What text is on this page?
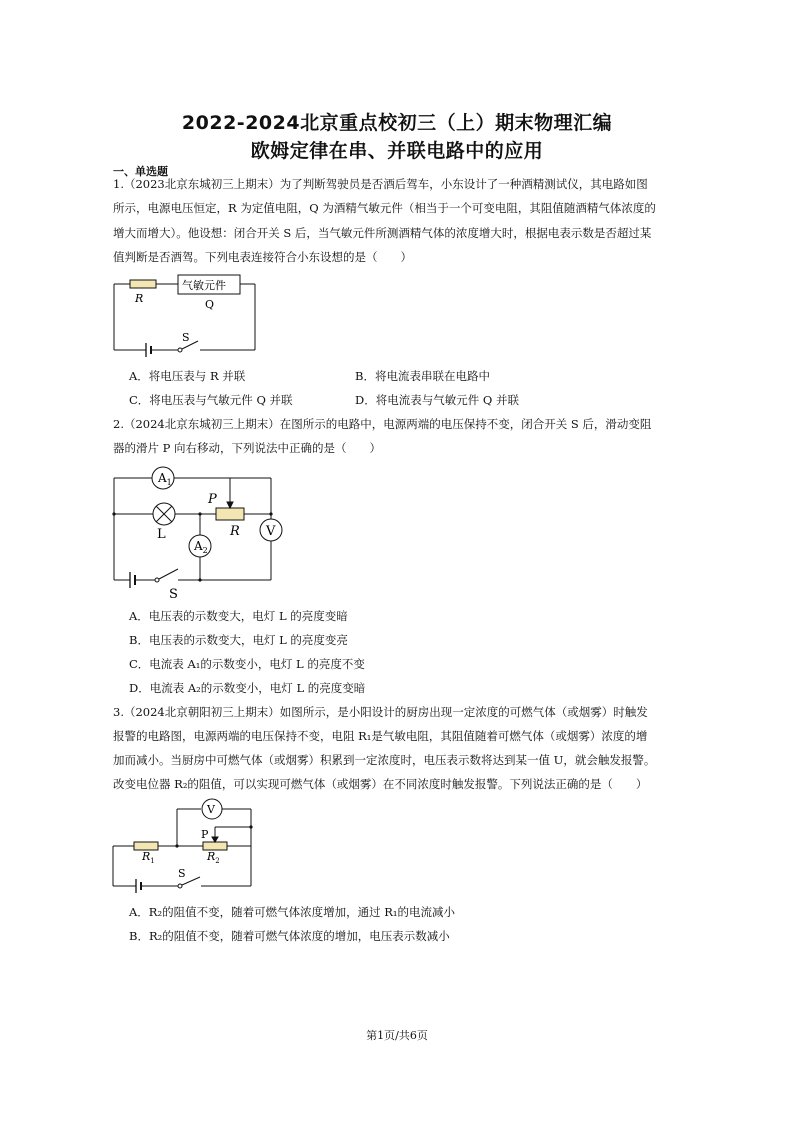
2022-2024北京重点校初三（上）期末物理汇编
欧姆定律在串、并联电路中的应用
一、单选题
1.（2023北京东城初三上期末）为了判断驾驶员是否酒后驾车，小东设计了一种酒精测试仪，其电路如图
所示，电源电压恒定，R 为定值电阻，Q 为酒精气敏元件（相当于一个可变电阻，其阻值随酒精气体浓度的
增大而增大）。他设想：闭合开关 S 后，当气敏元件所测酒精气体的浓度增大时，根据电表示数是否超过某
值判断是否酒驾。下列电表连接符合小东设想的是（　　）
R
气敏元件
Q
S
A．将电压表与 R 并联	B．将电流表串联在电路中
C．将电压表与气敏元件 Q 并联	D．将电流表与气敏元件 Q 并联
2.（2024北京东城初三上期末）在图所示的电路中，电源两端的电压保持不变，闭合开关 S 后，滑动变阻
器的滑片 P 向右移动，下列说法中正确的是（　　）
$A_1$
$A_2$
P
L	R V
S
A．电压表的示数变大，电灯 L 的亮度变暗
B．电压表的示数变大，电灯 L 的亮度变亮
C．电流表 A₁的示数变小，电灯 L 的亮度不变
D．电流表 A₂的示数变小，电灯 L 的亮度变暗
3.（2024北京朝阳初三上期末）如图所示，是小阳设计的厨房出现一定浓度的可燃气体（或烟雾）时触发
报警的电路图，电源两端的电压保持不变，电阻 R₁是气敏电阻，其阻值随着可燃气体（或烟雾）浓度的增
加而减小。当厨房中可燃气体（或烟雾）积累到一定浓度时，电压表示数将达到某一值 U，就会触发报警。
改变电位器 R₂的阻值，可以实现可燃气体（或烟雾）在不同浓度时触发报警。下列说法正确的是（　　）
V
P
$R_1$	$R_2$
S
A．R₂的阻值不变，随着可燃气体浓度增加，通过 R₁的电流减小
B．R₂的阻值不变，随着可燃气体浓度的增加，电压表示数减小
第1页/共6页
